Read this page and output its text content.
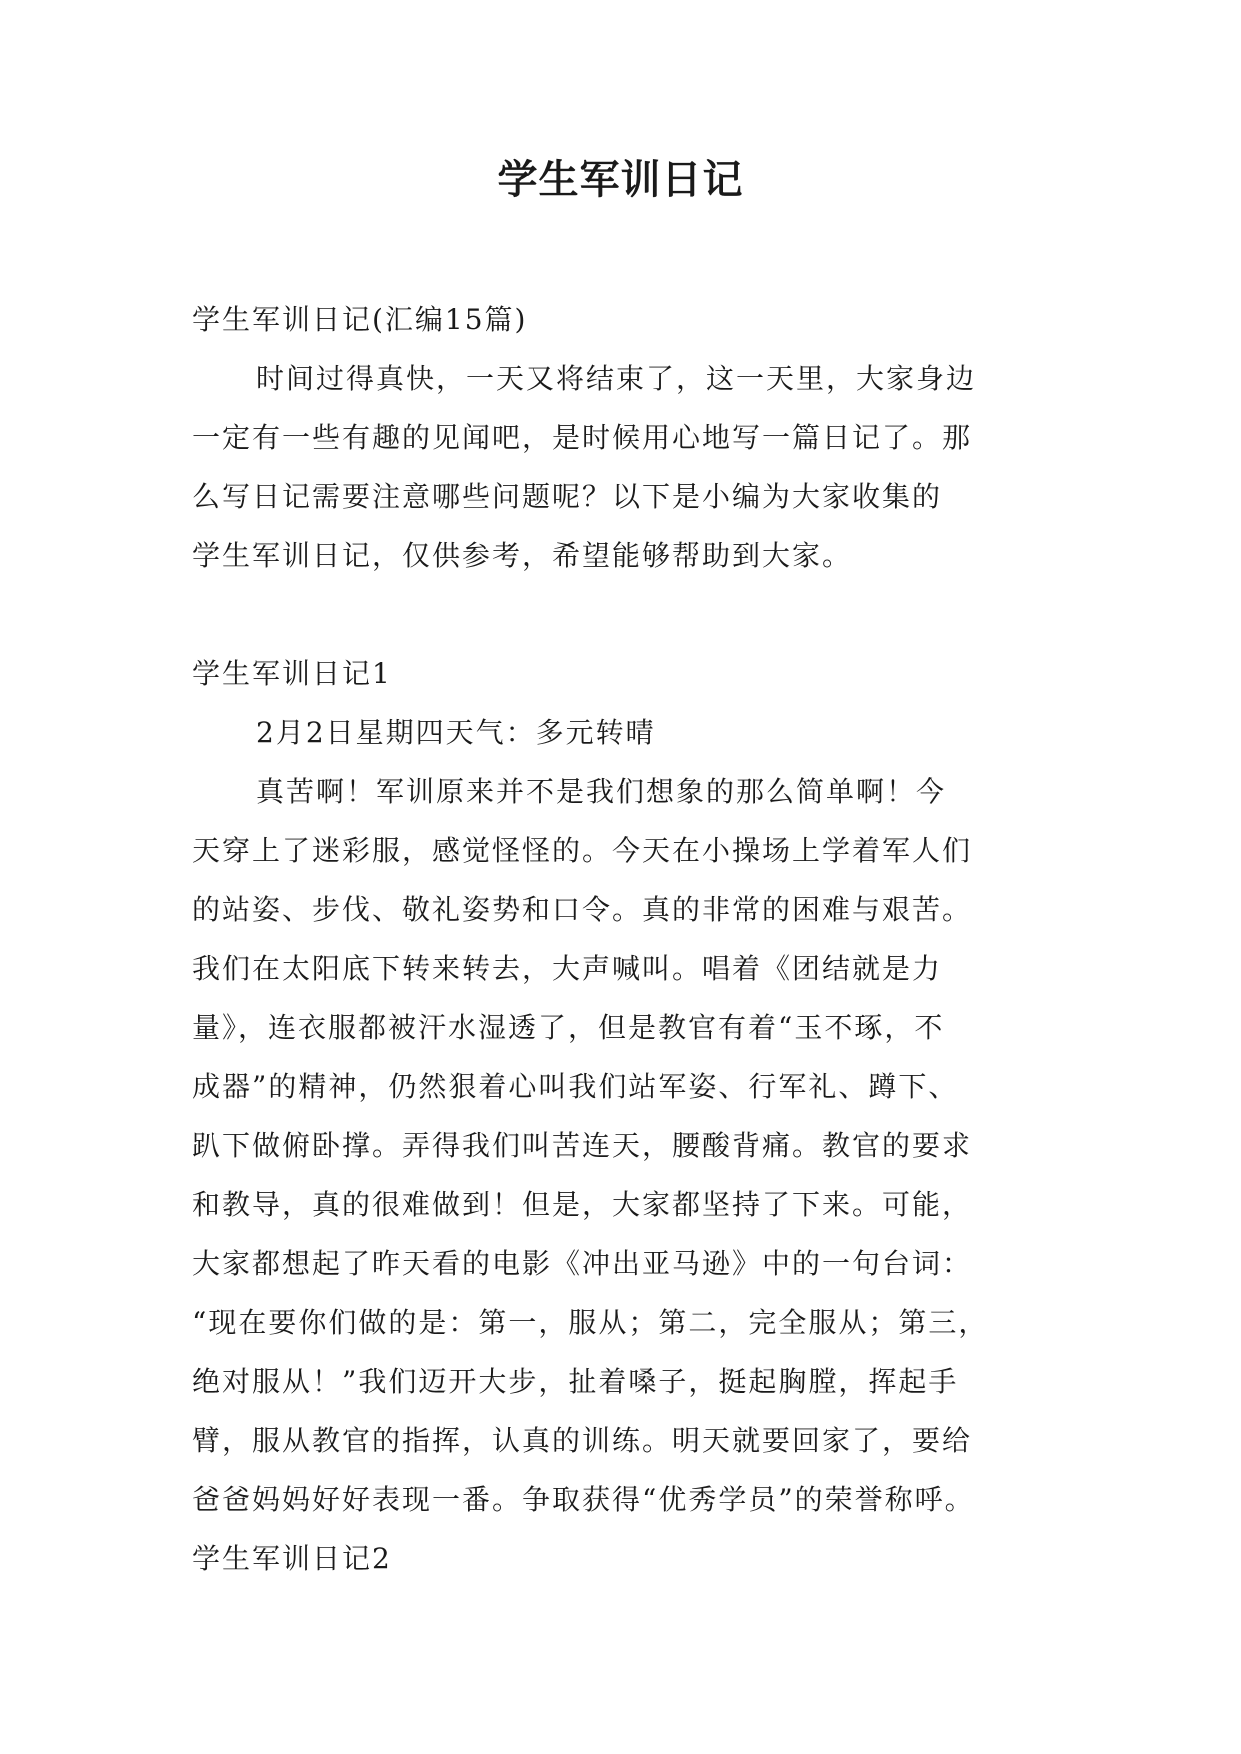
学生军训日记

学生军训日记(汇编15篇)

时间过得真快，一天又将结束了，这一天里，大家身边

一定有一些有趣的见闻吧，是时候用心地写一篇日记了。那

么写日记需要注意哪些问题呢？以下是小编为大家收集的

学生军训日记，仅供参考，希望能够帮助到大家。

学生军训日记1

2月2日星期四天气：多元转晴

真苦啊！军训原来并不是我们想象的那么简单啊！今

天穿上了迷彩服，感觉怪怪的。今天在小操场上学着军人们

的站姿、步伐、敬礼姿势和口令。真的非常的困难与艰苦。

我们在太阳底下转来转去，大声喊叫。唱着《团结就是力

量》，连衣服都被汗水湿透了，但是教官有着“玉不琢，不

成器”的精神，仍然狠着心叫我们站军姿、行军礼、蹲下、

趴下做俯卧撑。弄得我们叫苦连天，腰酸背痛。教官的要求

和教导，真的很难做到！但是，大家都坚持了下来。可能，

大家都想起了昨天看的电影《冲出亚马逊》中的一句台词：

“现在要你们做的是：第一，服从；第二，完全服从；第三，

绝对服从！”我们迈开大步，扯着嗓子，挺起胸膛，挥起手

臂，服从教官的指挥，认真的训练。明天就要回家了，要给

爸爸妈妈好好表现一番。争取获得“优秀学员”的荣誉称呼。

学生军训日记2
